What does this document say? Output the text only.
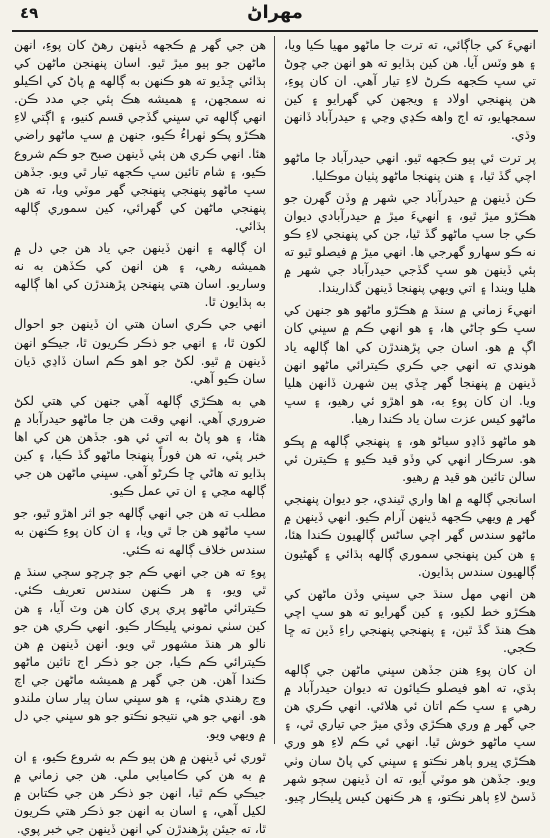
٤٩	مهراڻ

انهيءَ کي جاڳائي، ته ترت جا ماڻهو مهيا ڪيا ويا، ۽ هو وٽس آيا. هن کين ٻڌايو ته هو انهن جي چوڻ تي سڀ ڪجهه ڪرڻ لاءِ تيار آهي. ان کان پوءِ، هن پنهنجي اولاد ۽ ويجهن کي گهرايو ۽ کين سمجهايو، ته اڄ واهه ڪڍي وڃي ۽ حيدرآباد ڏانهن وڌي.

پر ترت ئي ٻيو ڪجهه ٿيو. انهي حيدرآباد جا ماڻهو اچي گڏ ٿيا، ۽ هنن پنهنجا ماڻهو پٺيان موڪليا.

ڪن ڏينهن ۾ حيدرآباد جي شهر ۾ وڏن گهرن جو هڪڙو ميڙ ٿيو، ۽ انهيءَ ميڙ ۾ حيدرآبادي ديوان ڪي جا سڀ ماڻهو گڏ ٿيا، جن کي پنهنجي لاءِ ڪو نه ڪو سهارو گهرجي ها. انهي ميڙ ۾ فيصلو ٿيو ته ٻئي ڏينهن هو سڀ گڏجي حيدرآباد جي شهر ۾ هليا ويندا ۽ اتي ويهي پنهنجا ڏينهن گذاريندا.

انهيءَ زماني ۾ سنڌ ۾ هڪڙو ماڻهو هو جنهن کي سڀ ڪو ڄاڻي ها، ۽ هو انهي ڪم ۾ سڀني کان اڳ ۾ هو. اسان جي پڙهندڙن کي اها ڳالهه ياد هوندي ته انهي جي ڪري ڪيترائي ماڻهو انهن ڏينهن ۾ پنهنجا گهر ڇڏي ٻين شهرن ڏانهن هليا ويا. ان کان پوءِ به، هو اهڙو ئي رهيو، ۽ سڀ ماڻهو کيس عزت سان ياد ڪندا رهيا.

هو ماڻهو ڏاڍو سياڻو هو، ۽ پنهنجي ڳالهه ۾ پڪو هو. سرڪار انهي کي وڏو قيد ڪيو ۽ ڪيترن ئي سالن تائين هو قيد ۾ رهيو.

اسانجي ڳالهه ۾ اها واري ٿيندي، جو ديوان پنهنجي گهر ۾ ويهي ڪجهه ڏينهن آرام ڪيو. انهي ڏينهن ۾ ماڻهو سندس گهر اچي ساڻس ڳالهيون ڪندا هئا، ۽ هن کين پنهنجي سموري ڳالهه ٻڌائي ۽ گهڻيون ڳالهيون سندس ٻڌايون.

هن انهي مهل سنڌ جي سڀني وڏن ماڻهن کي هڪڙو خط لکيو، ۽ کين گهرايو ته هو سڀ اچي هڪ هنڌ گڏ ٿين، ۽ پنهنجي پنهنجي راءِ ڏين ته ڇا ڪجي.

ان کان پوءِ هنن جڏهن سڀني ماڻهن جي ڳالهه ٻڌي، ته اهو فيصلو ڪيائون ته ديوان حيدرآباد ۾ رهي ۽ سڀ ڪم اتان ئي هلائي. انهي ڪري هن جي گهر ۾ وري هڪڙي وڏي ميڙ جي تياري ٿي، ۽ سڀ ماڻهو خوش ٿيا. انهي ئي ڪم لاءِ هو وري هڪڙي ڀيرو ٻاهر نڪتو ۽ سڀني کي پاڻ سان وٺي ويو. جڏهن هو موٽي آيو، ته ان ڏينهن سڄو شهر ڏسڻ لاءِ ٻاهر نڪتو، ۽ هر ڪنهن کيس ڀليڪار چيو.

هن جي گهر ۾ ڪجهه ڏينهن رهڻ کان پوءِ، انهن ماڻهن جو ٻيو ميڙ ٿيو. اسان پنهنجن ماڻهن کي ٻڌائي ڇڏيو ته هو ڪنهن به ڳالهه ۾ پاڻ کي اڪيلو نه سمجهن، ۽ هميشه هڪ ٻئي جي مدد ڪن. انهي ڳالهه تي سڀني گڏجي قسم کنيو، ۽ اڳتي لاءِ هڪڙو پڪو ٺهراءُ ڪيو، جنهن ۾ سڀ ماڻهو راضي هئا. انهي ڪري هن ٻئي ڏينهن صبح جو ڪم شروع ڪيو، ۽ شام تائين سڀ ڪجهه تيار ٿي ويو. جڏهن سڀ ماڻهو پنهنجي پنهنجي گهر موٽي ويا، ته هن پنهنجي ماڻهن کي گهرائي، کين سموري ڳالهه ٻڌائي.

ان ڳالهه ۽ انهن ڏينهن جي ياد هن جي دل ۾ هميشه رهي، ۽ هن انهن کي ڪڏهن به نه وساريو. اسان هتي پنهنجن پڙهندڙن کي اها ڳالهه به ٻڌايون ٿا.

انهي جي ڪري اسان هتي ان ڏينهن جو احوال لکون ٿا، ۽ انهي جو ذڪر ڪريون ٿا، جيڪو انهن ڏينهن ۾ ٿيو. لکڻ جو اهو ڪم اسان ڏاڍي ڌيان سان ڪيو آهي.

هي به هڪڙي ڳالهه آهي جنهن کي هتي لکڻ ضروري آهي. انهي وقت هن جا ماڻهو حيدرآباد ۾ هئا، ۽ هو پاڻ به اتي ئي هو. جڏهن هن کي اها خبر پئي، ته هن فوراً پنهنجا ماڻهو گڏ ڪيا، ۽ کين ٻڌايو ته هاڻي ڇا ڪرڻو آهي. سڀني ماڻهن هن جي ڳالهه مڃي ۽ ان تي عمل ڪيو.

مطلب ته هن جي انهي ڳالهه جو اثر اهڙو ٿيو، جو سڀ ماڻهو هن جا ٿي ويا، ۽ ان کان پوءِ ڪنهن به سندس خلاف ڳالهه نه ڪئي.

پوءِ ته هن جي انهي ڪم جو چرچو سڄي سنڌ ۾ ٿي ويو، ۽ هر ڪنهن سندس تعريف ڪئي. ڪيترائي ماڻهو پري پري کان هن وٽ آيا، ۽ هن کين سٺي نموني ڀليڪار ڪيو. انهي ڪري هن جو نالو هر هنڌ مشهور ٿي ويو. انهن ڏينهن ۾ هن ڪيترائي ڪم ڪيا، جن جو ذڪر اڄ تائين ماڻهو ڪندا آهن. هن جي گهر ۾ هميشه ماڻهن جي اچ وڃ رهندي هئي، ۽ هو سڀني سان پيار سان ملندو هو. انهي جو هي نتيجو نڪتو جو هو سڀني جي دل ۾ ويهي ويو.

ٿوري ئي ڏينهن ۾ هن ٻيو ڪم به شروع ڪيو، ۽ ان ۾ به هن کي ڪاميابي ملي. هن جي زماني ۾ جيڪي ڪم ٿيا، انهن جو ذڪر هن جي ڪتابن ۾ لکيل آهي، ۽ اسان به انهن جو ذڪر هتي ڪريون ٿا، ته جيئن پڙهندڙن کي انهن ڏينهن جي خبر پوي.
